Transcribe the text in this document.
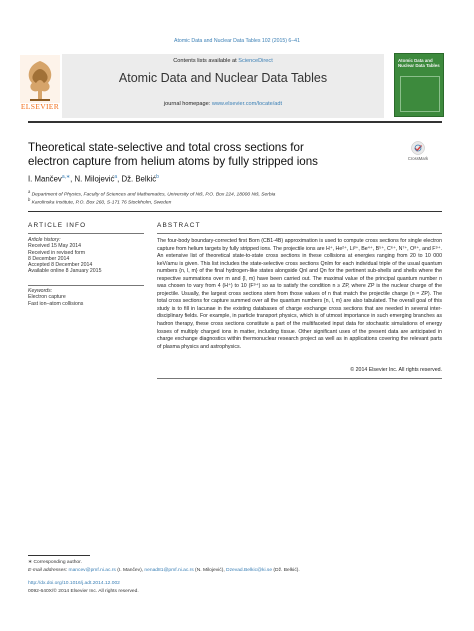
Atomic Data and Nuclear Data Tables 102 (2015) 6–41
Contents lists available at ScienceDirect
Atomic Data and Nuclear Data Tables
journal homepage: www.elsevier.com/locate/adt
ELSEVIER
Atomic Data and Nuclear Data Tables
Theoretical state-selective and total cross sections for electron capture from helium atoms by fully stripped ions	CrossMark
I. Mančev$^{a,∗}$, N. Milojević$^a$, Dž. Belkić$^b$
$^a$ Department of Physics, Faculty of Sciences and Mathematics, University of Niš, P.O. Box 224, 18000 Niš, Serbia
$^b$ Karolinska Institute, P.O. Box 260, S-171 76 Stockholm, Sweden
ARTICLE INFO	ABSTRACT
Article history:
Received 15 May 2014
Received in revised form
8 December 2014
Accepted 8 December 2014
Available online 8 January 2015
Keywords:
Electron capture
Fast ion–atom collisions
The four-body boundary-corrected first Born (CB1-4B) approximation is used to compute cross sections for single electron capture from helium targets by fully stripped ions. The projectile ions are H⁺, He²⁺, Li³⁺, Be⁴⁺, B⁵⁺, C⁶⁺, N⁷⁺, O⁸⁺, and F⁹⁺. An extensive list of theoretical state-to-state cross sections in these collisions at energies ranging from 20 to 10 000 keV/amu is given. This list includes the state-selective cross sections Qnlm for each individual triple of the usual quantum numbers {n, l, m} of the final hydrogen-like states alongside Qnl and Qn for the pertinent sub-shells and shells where the respective summations over m and {l, m} have been carried out. The maximal value of the principal quantum number n was chosen to vary from 4 (H⁺) to 10 (F⁹⁺) so as to satisfy the condition n ≥ ZP, where ZP is the nuclear charge of the projectile. Usually, the largest cross sections stem from those values of n that match the projectile charge (n ≈ ZP). The total cross sections for capture summed over all the quantum numbers {n, l, m} are also tabulated. The overall goal of this study is to fill in lacunae in the existing databases of charge exchange cross sections that are needed in several inter-disciplinary fields. For example, in particle transport physics, which is of utmost importance in such emerging branches as hadron therapy, these cross sections constitute a part of the multifaceted input data for stochastic simulations of energy losses of multiply charged ions in matter, including tissue. Other significant uses of the present data are anticipated in charge exchange diagnostics within thermonuclear research project as well as in applications covering the relevant parts of plasma physics and astrophysics.
© 2014 Elsevier Inc. All rights reserved.
∗ Corresponding author.
E-mail addresses: mancev@pmf.ni.ac.rs (I. Mančev), nenad81@pmf.ni.ac.rs (N. Milojević), Dzevad.Belkic@ki.se (Dž. Belkić).
http://dx.doi.org/10.1016/j.adt.2014.12.002
0092-640X/© 2014 Elsevier Inc. All rights reserved.
